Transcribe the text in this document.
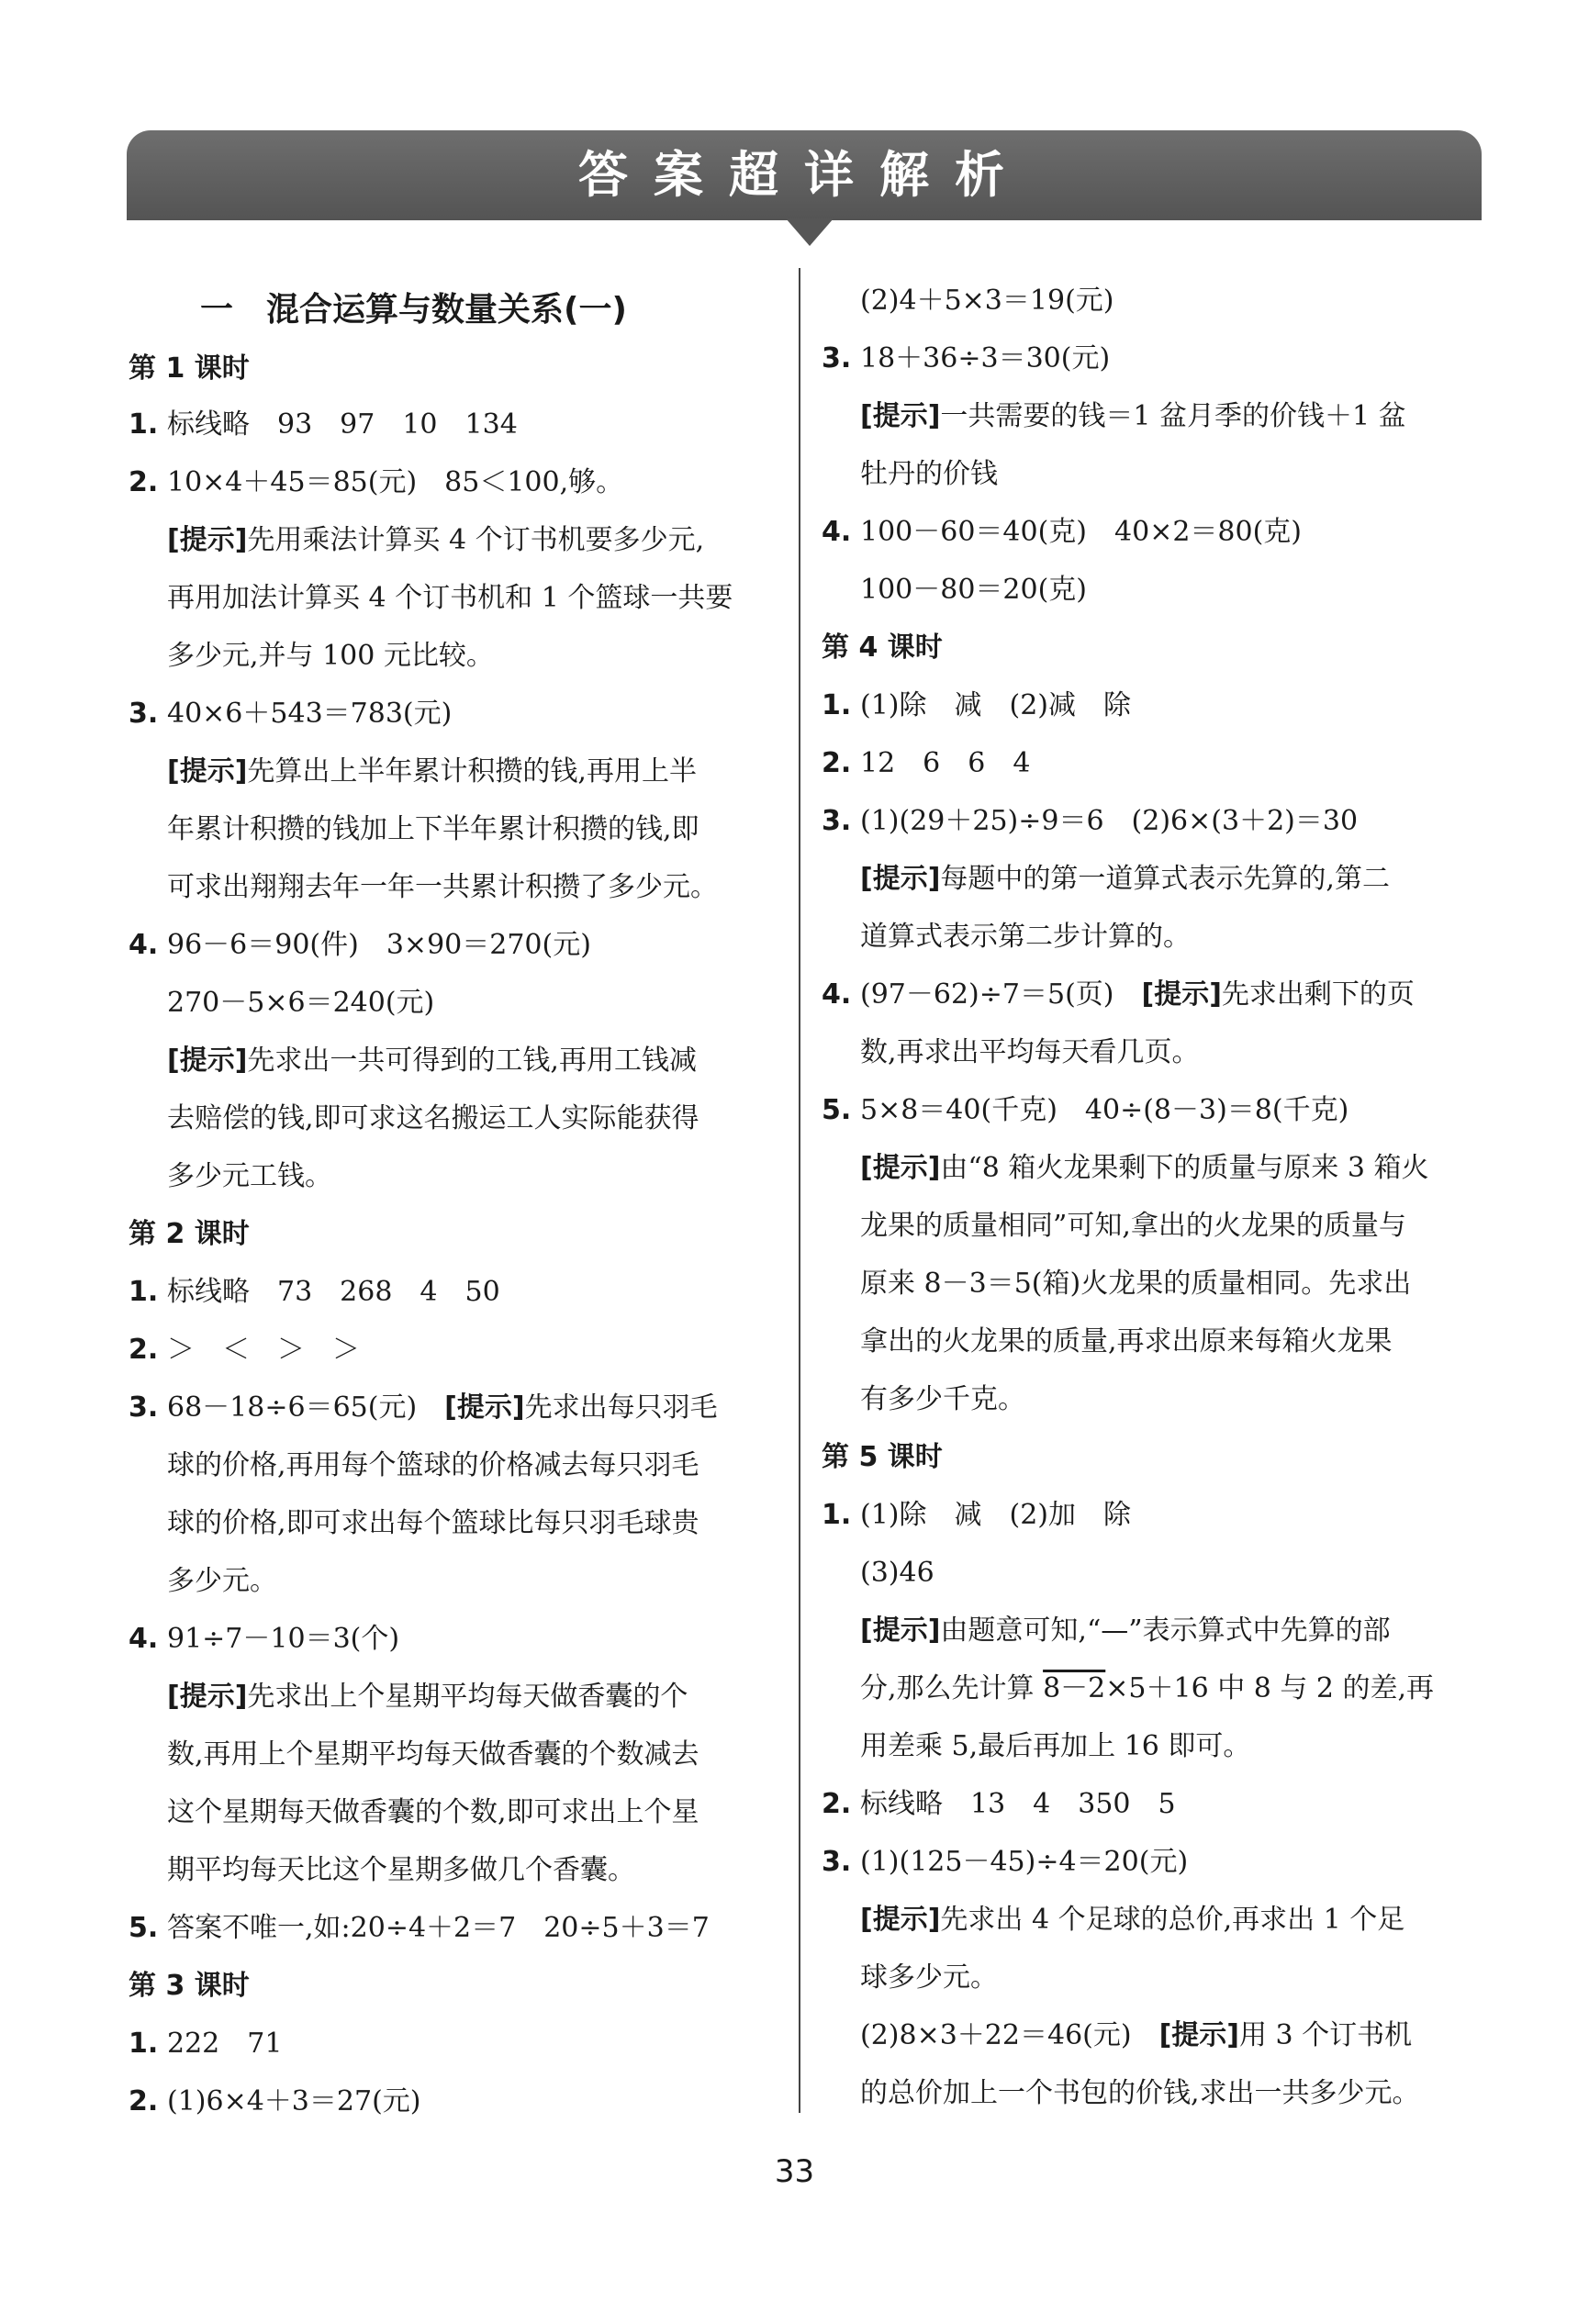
答案超详解析
一　混合运算与数量关系(一)
第 1 课时
1. 标线略　93　97　10　134
2. 10×4＋45＝85(元)　85＜100,够。
[提示]先用乘法计算买 4 个订书机要多少元,
再用加法计算买 4 个订书机和 1 个篮球一共要
多少元,并与 100 元比较。
3. 40×6＋543＝783(元)
[提示]先算出上半年累计积攒的钱,再用上半
年累计积攒的钱加上下半年累计积攒的钱,即
可求出翔翔去年一年一共累计积攒了多少元。
4. 96－6＝90(件)　3×90＝270(元)
270－5×6＝240(元)
[提示]先求出一共可得到的工钱,再用工钱减
去赔偿的钱,即可求这名搬运工人实际能获得
多少元工钱。
第 2 课时
1. 标线略　73　268　4　50
2. ＞　＜　＞　＞
3. 68－18÷6＝65(元)　[提示]先求出每只羽毛
球的价格,再用每个篮球的价格减去每只羽毛
球的价格,即可求出每个篮球比每只羽毛球贵
多少元。
4. 91÷7－10＝3(个)
[提示]先求出上个星期平均每天做香囊的个
数,再用上个星期平均每天做香囊的个数减去
这个星期每天做香囊的个数,即可求出上个星
期平均每天比这个星期多做几个香囊。
5. 答案不唯一,如:20÷4＋2＝7　20÷5＋3＝7
第 3 课时
1. 222　71
2. (1)6×4＋3＝27(元)
(2)4＋5×3＝19(元)
3. 18＋36÷3＝30(元)
[提示]一共需要的钱＝1 盆月季的价钱＋1 盆
牡丹的价钱
4. 100－60＝40(克)　40×2＝80(克)
100－80＝20(克)
第 4 课时
1. (1)除　减　(2)减　除
2. 12　6　6　4
3. (1)(29＋25)÷9＝6　(2)6×(3＋2)＝30
[提示]每题中的第一道算式表示先算的,第二
道算式表示第二步计算的。
4. (97－62)÷7＝5(页)　[提示]先求出剩下的页
数,再求出平均每天看几页。
5. 5×8＝40(千克)　40÷(8－3)＝8(千克)
[提示]由“8 箱火龙果剩下的质量与原来 3 箱火
龙果的质量相同”可知,拿出的火龙果的质量与
原来 8－3＝5(箱)火龙果的质量相同。先求出
拿出的火龙果的质量,再求出原来每箱火龙果
有多少千克。
第 5 课时
1. (1)除　减　(2)加　除
(3)46
[提示]由题意可知,“—”表示算式中先算的部
分,那么先计算 8－2×5＋16 中 8 与 2 的差,再
用差乘 5,最后再加上 16 即可。
2. 标线略　13　4　350　5
3. (1)(125－45)÷4＝20(元)
[提示]先求出 4 个足球的总价,再求出 1 个足
球多少元。
(2)8×3＋22＝46(元)　[提示]用 3 个订书机
的总价加上一个书包的价钱,求出一共多少元。
33
